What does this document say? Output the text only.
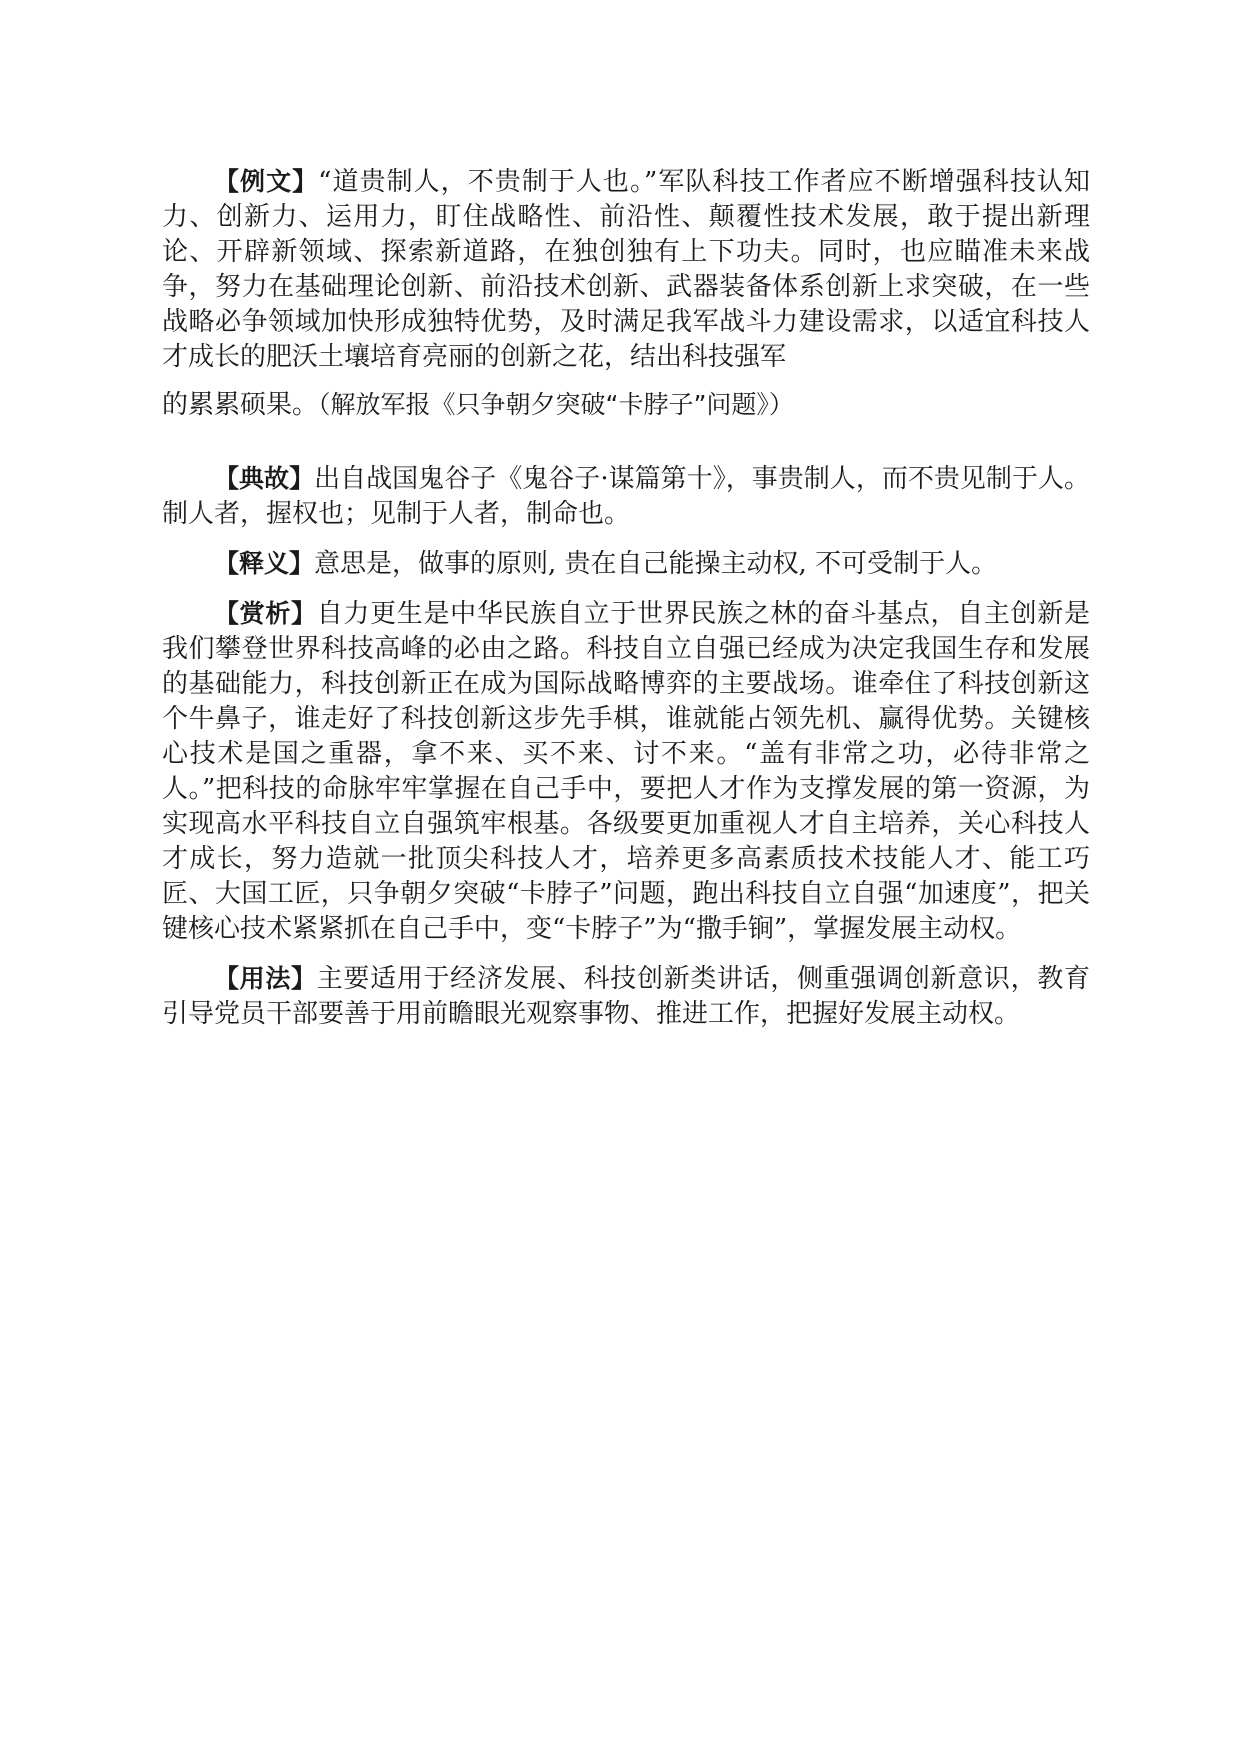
【例文】“道贵制人，不贵制于人也。”军队科技工作者应不断增强科技认知力、创新力、运用力，盯住战略性、前沿性、颠覆性技术发展，敢于提出新理论、开辟新领域、探索新道路，在独创独有上下功夫。同时，也应瞄准未来战争，努力在基础理论创新、前沿技术创新、武器装备体系创新上求突破，在一些战略必争领域加快形成独特优势，及时满足我军战斗力建设需求，以适宜科技人才成长的肥沃土壤培育亮丽的创新之花，结出科技强军
的累累硕果。（解放军报《只争朝夕突破“卡脖子”问题》）

【典故】出自战国鬼谷子《鬼谷子·谋篇第十》，事贵制人，而不贵见制于人。制人者，握权也；见制于人者，制命也。

【释义】意思是，做事的原则, 贵在自己能操主动权, 不可受制于人。

【赏析】自力更生是中华民族自立于世界民族之林的奋斗基点，自主创新是我们攀登世界科技高峰的必由之路。科技自立自强已经成为决定我国生存和发展的基础能力，科技创新正在成为国际战略博弈的主要战场。谁牵住了科技创新这个牛鼻子，谁走好了科技创新这步先手棋，谁就能占领先机、赢得优势。关键核心技术是国之重器，拿不来、买不来、讨不来。“盖有非常之功，必待非常之人。”把科技的命脉牢牢掌握在自己手中，要把人才作为支撑发展的第一资源，为实现高水平科技自立自强筑牢根基。各级要更加重视人才自主培养，关心科技人才成长，努力造就一批顶尖科技人才，培养更多高素质技术技能人才、能工巧匠、大国工匠，只争朝夕突破“卡脖子”问题，跑出科技自立自强“加速度”，把关键核心技术紧紧抓在自己手中，变“卡脖子”为“撒手锏”，掌握发展主动权。

【用法】主要适用于经济发展、科技创新类讲话，侧重强调创新意识，教育引导党员干部要善于用前瞻眼光观察事物、推进工作，把握好发展主动权。
